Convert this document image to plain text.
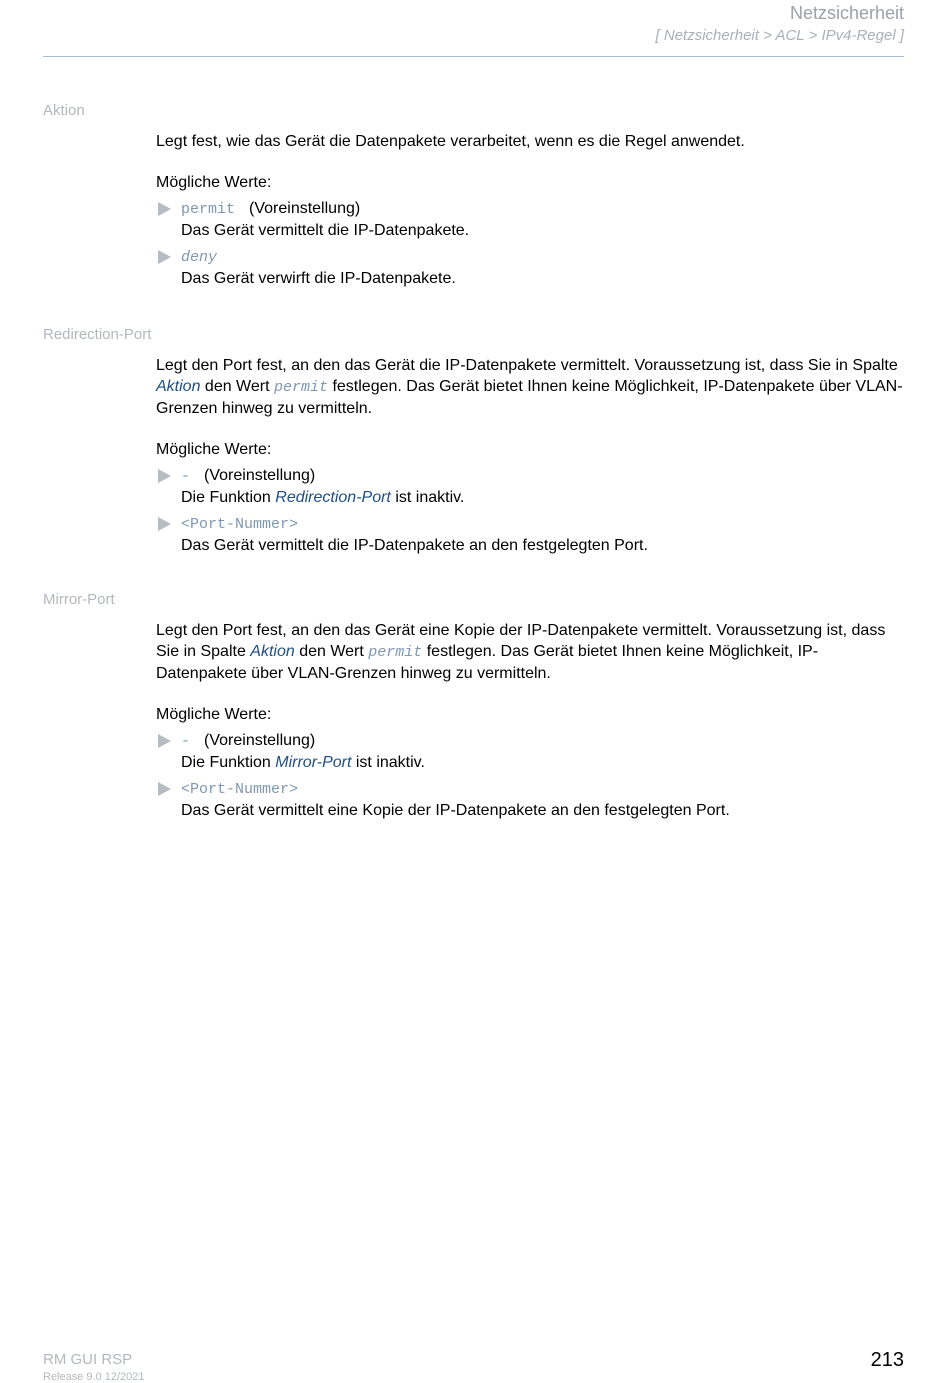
Netzsicherheit
[ Netzsicherheit > ACL > IPv4-Regel ]
Aktion

Legt fest, wie das Gerät die Datenpakete verarbeitet, wenn es die Regel anwendet.

Mögliche Werte:

permit (Voreinstellung)
Das Gerät vermittelt die IP-Datenpakete.
deny
Das Gerät verwirft die IP-Datenpakete.
Redirection-Port

Legt den Port fest, an den das Gerät die IP-Datenpakete vermittelt. Voraussetzung ist, dass Sie in Spalte Aktion den Wert permit festlegen. Das Gerät bietet Ihnen keine Möglichkeit, IP-Datenpakete über VLAN-Grenzen hinweg zu vermitteln.

Mögliche Werte:

- (Voreinstellung)
Die Funktion Redirection-Port ist inaktiv.
<Port-Nummer>
Das Gerät vermittelt die IP-Datenpakete an den festgelegten Port.
Mirror-Port

Legt den Port fest, an den das Gerät eine Kopie der IP-Datenpakete vermittelt. Voraussetzung ist, dass Sie in Spalte Aktion den Wert permit festlegen. Das Gerät bietet Ihnen keine Möglichkeit, IP-Datenpakete über VLAN-Grenzen hinweg zu vermitteln.

Mögliche Werte:

- (Voreinstellung)
Die Funktion Mirror-Port ist inaktiv.
<Port-Nummer>
Das Gerät vermittelt eine Kopie der IP-Datenpakete an den festgelegten Port.
RM GUI RSP
Release 9.0 12/2021
213
